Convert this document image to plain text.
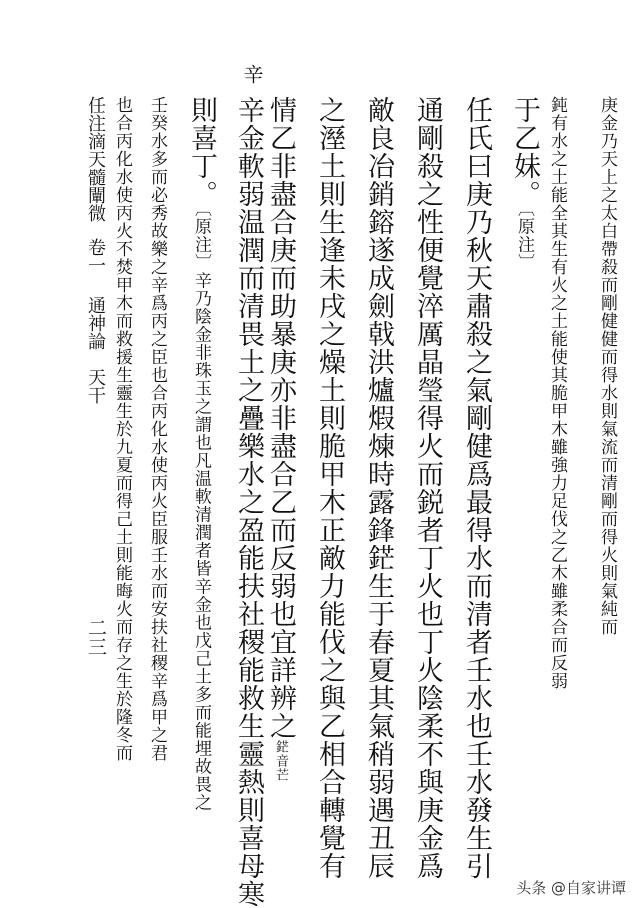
庚金乃天上之太白帶殺而剛健健而得水則氣流而清剛而得火則氣純而
鈍有水之土能全其生有火之土能使其脆甲木雖強力足伐之乙木雖柔合而反弱
于乙妹。〔原注〕
任氏曰庚乃秋天肅殺之氣剛健爲最得水而清者壬水也壬水發生引
通剛殺之性便覺淬厲晶瑩得火而鋭者丁火也丁火陰柔不與庚金爲
敵良冶銷鎔遂成劍戟洪爐煆煉時露鋒鋩生于春夏其氣稍弱遇丑辰
之溼土則生逢未戌之燥土則脆甲木正敵力能伐之與乙相合轉覺有
情乙非盡合庚而助暴庚亦非盡合乙而反弱也宜詳辨之鋩音芒
辛
辛金軟弱温潤而清畏土之疊樂水之盈能扶社稷能救生靈熱則喜母寒
則喜丁。〔原注〕辛乃陰金非珠玉之謂也凡温軟清潤者皆辛金也戊己土多而能埋故畏之
壬癸水多而必秀故樂之辛爲丙之臣也合丙化水使丙火臣服壬水而安扶社稷辛爲甲之君
也合丙化水使丙火不焚甲木而救援生靈生於九夏而得己土則能晦火而存之生於隆冬而
任注滴天髓闡微卷一通神論　天干
二三
头条 @自家讲谭
